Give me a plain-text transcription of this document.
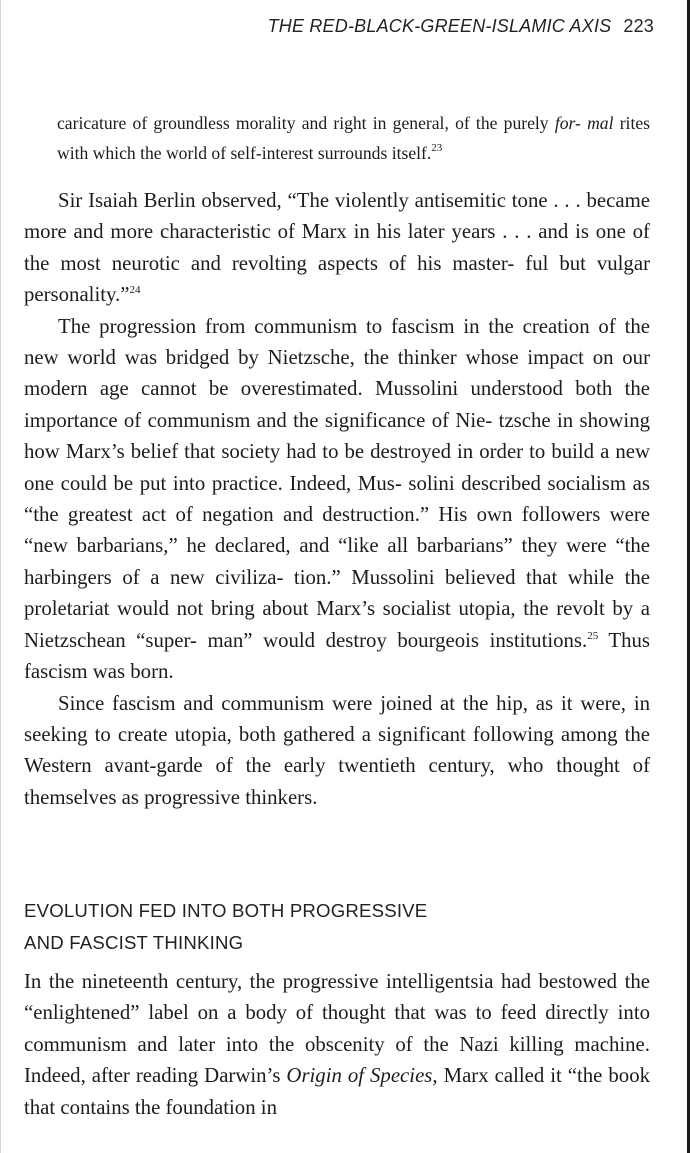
THE RED-BLACK-GREEN-ISLAMIC AXIS 223
caricature of groundless morality and right in general, of the purely for- mal rites with which the world of self-interest surrounds itself.$^{23}$

Sir Isaiah Berlin observed, “The violently antisemitic tone . . . became more and more characteristic of Marx in his later years . . . and is one of the most neurotic and revolting aspects of his master- ful but vulgar personality.”$^{24}$

The progression from communism to fascism in the creation of the new world was bridged by Nietzsche, the thinker whose impact on our modern age cannot be overestimated. Mussolini understood both the importance of communism and the significance of Nie- tzsche in showing how Marx’s belief that society had to be destroyed in order to build a new one could be put into practice. Indeed, Mus- solini described socialism as “the greatest act of negation and destruction.” His own followers were “new barbarians,” he declared, and “like all barbarians” they were “the harbingers of a new civiliza- tion.” Mussolini believed that while the proletariat would not bring about Marx’s socialist utopia, the revolt by a Nietzschean “super- man” would destroy bourgeois institutions.$^{25}$ Thus fascism was born.

Since fascism and communism were joined at the hip, as it were, in seeking to create utopia, both gathered a significant following among the Western avant-garde of the early twentieth century, who thought of themselves as progressive thinkers.

EVOLUTION FED INTO BOTH PROGRESSIVE
AND FASCIST THINKING

In the nineteenth century, the progressive intelligentsia had bestowed the “enlightened” label on a body of thought that was to feed directly into communism and later into the obscenity of the Nazi killing machine. Indeed, after reading Darwin’s Origin of Species, Marx called it “the book that contains the foundation in
